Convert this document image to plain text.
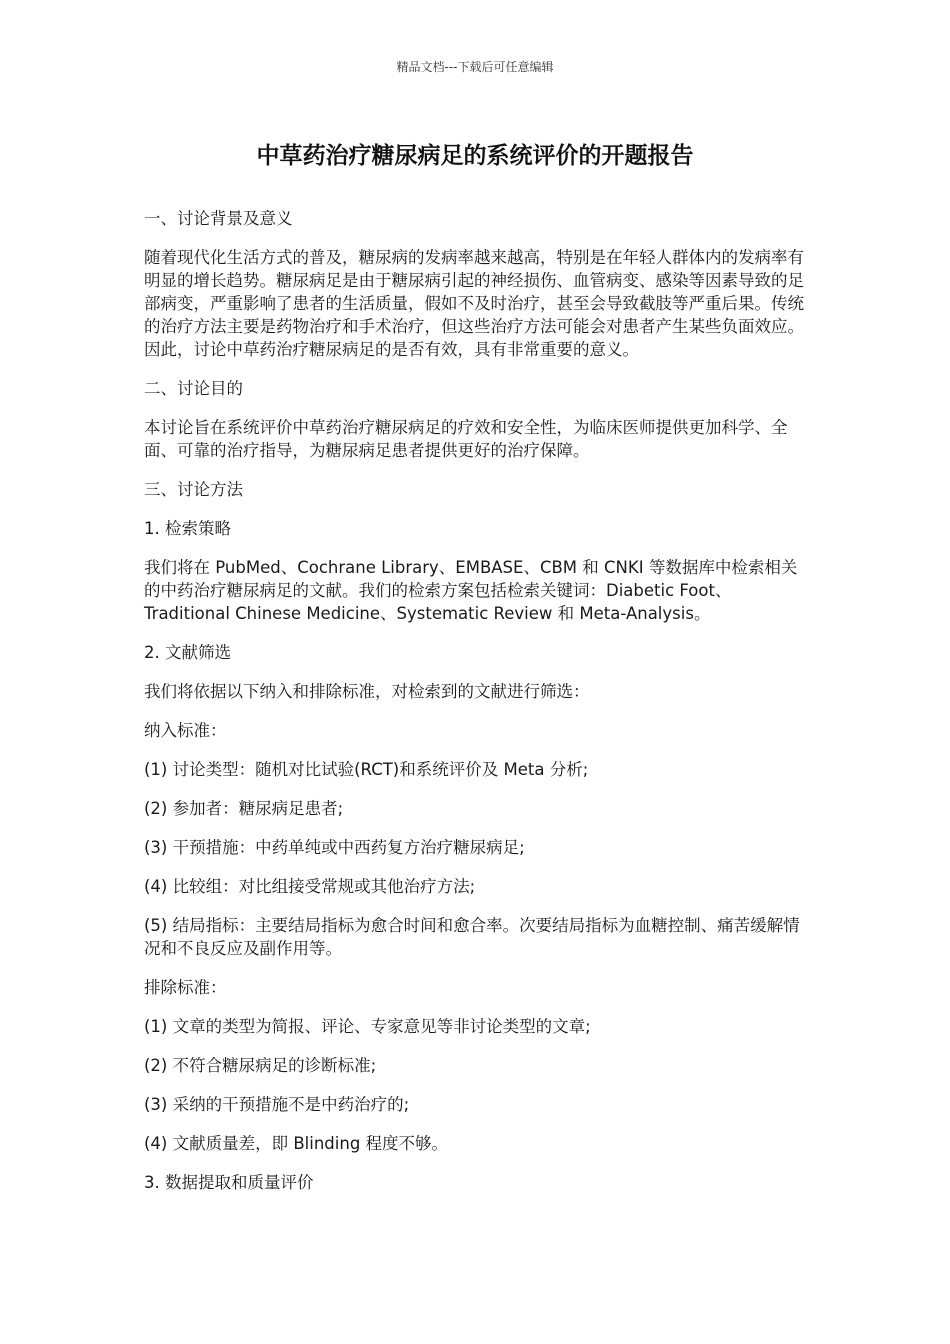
精品文档---下载后可任意编辑
中草药治疗糖尿病足的系统评价的开题报告

一、讨论背景及意义

随着现代化生活方式的普及，糖尿病的发病率越来越高，特别是在年轻人群体内的发病率有明显的增长趋势。糖尿病足是由于糖尿病引起的神经损伤、血管病变、感染等因素导致的足部病变，严重影响了患者的生活质量，假如不及时治疗，甚至会导致截肢等严重后果。传统的治疗方法主要是药物治疗和手术治疗，但这些治疗方法可能会对患者产生某些负面效应。因此，讨论中草药治疗糖尿病足的是否有效，具有非常重要的意义。

二、讨论目的

本讨论旨在系统评价中草药治疗糖尿病足的疗效和安全性，为临床医师提供更加科学、全面、可靠的治疗指导，为糖尿病足患者提供更好的治疗保障。

三、讨论方法

1. 检索策略

我们将在 PubMed、Cochrane Library、EMBASE、CBM 和 CNKI 等数据库中检索相关的中药治疗糖尿病足的文献。我们的检索方案包括检索关键词：Diabetic Foot、Traditional Chinese Medicine、Systematic Review 和 Meta-Analysis。

2. 文献筛选

我们将依据以下纳入和排除标准，对检索到的文献进行筛选：

纳入标准：

(1) 讨论类型：随机对比试验(RCT)和系统评价及 Meta 分析;

(2) 参加者：糖尿病足患者;

(3) 干预措施：中药单纯或中西药复方治疗糖尿病足;

(4) 比较组：对比组接受常规或其他治疗方法;

(5) 结局指标：主要结局指标为愈合时间和愈合率。次要结局指标为血糖控制、痛苦缓解情况和不良反应及副作用等。

排除标准：

(1) 文章的类型为简报、评论、专家意见等非讨论类型的文章;

(2) 不符合糖尿病足的诊断标准;

(3) 采纳的干预措施不是中药治疗的;

(4) 文献质量差，即 Blinding 程度不够。

3. 数据提取和质量评价
